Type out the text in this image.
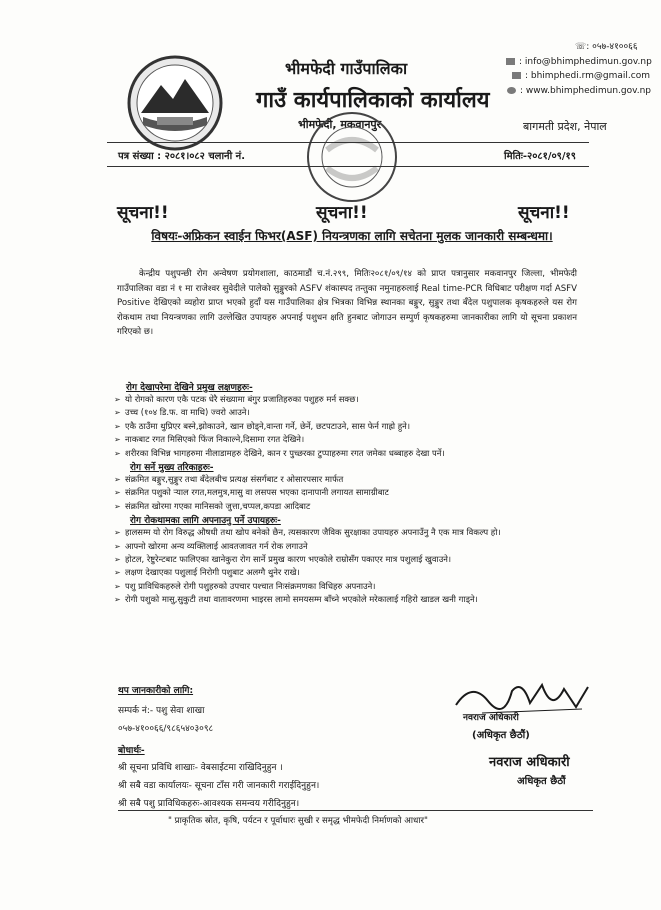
भीमफेदी गाउँपालिका
गाउँ कार्यपालिकाको कार्यालय
भीमफेदी, मकवानपुर
☏: ०५७-४१००६६
: info@bhimphedimun.gov.np
: bhimphedi.rm@gmail.com
: www.bhimphedimun.gov.np
बागमती प्रदेश, नेपाल
पत्र संख्या : २०८१।०८२ चलानी नं.	मितिः-२०८१/०९/१९
सूचना!!	सूचना!!	सूचना!!
विषयः-अफ्रिकन स्वाईन फिभर(ASF) नियन्त्रणका लागि सचेतना मुलक जानकारी सम्बन्धमा।
केन्द्रीय पशुपन्छी रोग अन्वेषण प्रयोगशाला, काठमाडौं च.नं.२९९, मितिः२०८१/०९/१४ को प्राप्त पत्रानुसार मकवानपुर जिल्ला, भीमफेदी गाउँपालिका वडा नं १ मा राजेश्वर सुवेदीले पालेको सुङ्गुरको ASFV शंकास्पद तन्तुका नमुनाहरुलाई Real time-PCR विधिबाट परीक्षण गर्दा ASFV Positive देखिएको व्यहोरा प्राप्त भएको हुदाँ यस गाउँपालिका क्षेत्र भित्रका विभिन्न स्थानका बङ्गुर, सुङ्गुर तथा बँदेल पशुपालक कृषकहरुले यस रोग रोकथाम तथा नियन्त्रणका लागि उल्लेखित उपायहरु अपनाई पशुधन क्षति हुनबाट जोगाउन सम्पुर्ण कृषकहरुमा जानकारीका लागि यो सूचना प्रकाशन गरिएको छ।
रोग देखापरेमा देखिने प्रमुख लक्षणहरुः-
➢ यो रोगको कारण एकै पटक धेरै संख्यामा बंगुर प्रजातिहरुका पशुहरु मर्न सक्छ।
➢ उच्च (१०४ डि.फ. वा माथि) ज्वरो आउने।
➢ एकै ठाउँमा थुप्रिएर बस्ने,झोकाउने, खान छोड्ने,वान्ता गर्ने, छेर्ने, छटपटाउने, सास फेर्न गाह्रो हुने।
➢ नाकबाट रगत मिसिएको फिंज निकाल्ने,दिसामा रगत देखिने।
➢ शरीरका विभिन्न भागहरुमा नीलाडामहरु देखिने, कान र पुच्छरका टुप्पाहरुमा रगत जमेका धब्बाहरु देखा पर्ने।
रोग सर्ने मुख्य तरिकाहरुः-
➢ संक्रमित बङ्गुर,सुङ्गुर तथा बँदेलबीच प्रत्यक्ष संसर्गबाट र ओसारपसार मार्फत
➢ संक्रमित पशुको र्‍याल रगत,मलमुत्र,मासु वा लसपस भएका दानापानी लगायत सामाग्रीबाट
➢ संक्रमित खोरमा गएका मानिसको जुत्ता,चप्पल,कपडा आदिबाट
रोग रोकथामका लागि अपनाउनु पर्ने उपायहरुः-
➢ हालसम्म यो रोग विरुद्ध औषधी तथा खोप बनेको छैन, त्यसकारण जैविक सुरक्षाका उपायहरु अपनाउँनु नै एक मात्र विकल्प हो।
➢ आफ्नो खोरमा अन्य व्यक्तिलाई आवतजावत गर्न रोक लगाउने
➢ होटल, रेष्टुरेन्टबाट फालिएका खानेकुरा रोग सार्ने प्रमुख कारण भएकोले राम्रोसँग पकाएर मात्र पशुलाई खुवाउने।
➢ लक्षण देखाएका पशुलाई निरोगी पशुबाट अलग्गै थुनेर राखे।
➢ पशु प्राविधिकहरुले रोगी पशुहरुको उपचार पश्चात निःसंक्रमणका विधिहरु अपनाउने।
➢ रोगी पशुको मासु,सुकुटी तथा वातावरणमा भाइरस लामो समयसम्म बाँच्ने भएकोले मरेकालाई गहिरो खाडल खनी गाड्ने।
थप जानकारीको लागि:
सम्पर्क नं:- पशु सेवा शाखा
०५७-४१००६६/९८६५४०३०९८
नवराज अधिकारी
(अधिकृत छैठौं)
नवराज अधिकारी
अधिकृत छैठौं
बोधार्थः-
श्री सूचना प्रविधि शाखाः- वेबसाईटमा राखिदिनुहुन ।
श्री सबै वडा कार्यालयः- सूचना टाँस गरी जानकारी गराईदिनुहुन।
श्री सबै पशु प्राविधिकहरुः-आवश्यक समन्वय गरीदिनुहुन।
" प्राकृतिक स्रोत, कृषि, पर्यटन र पूर्वाधारः सुखी र समृद्ध भीमफेदी निर्माणको आधार"
